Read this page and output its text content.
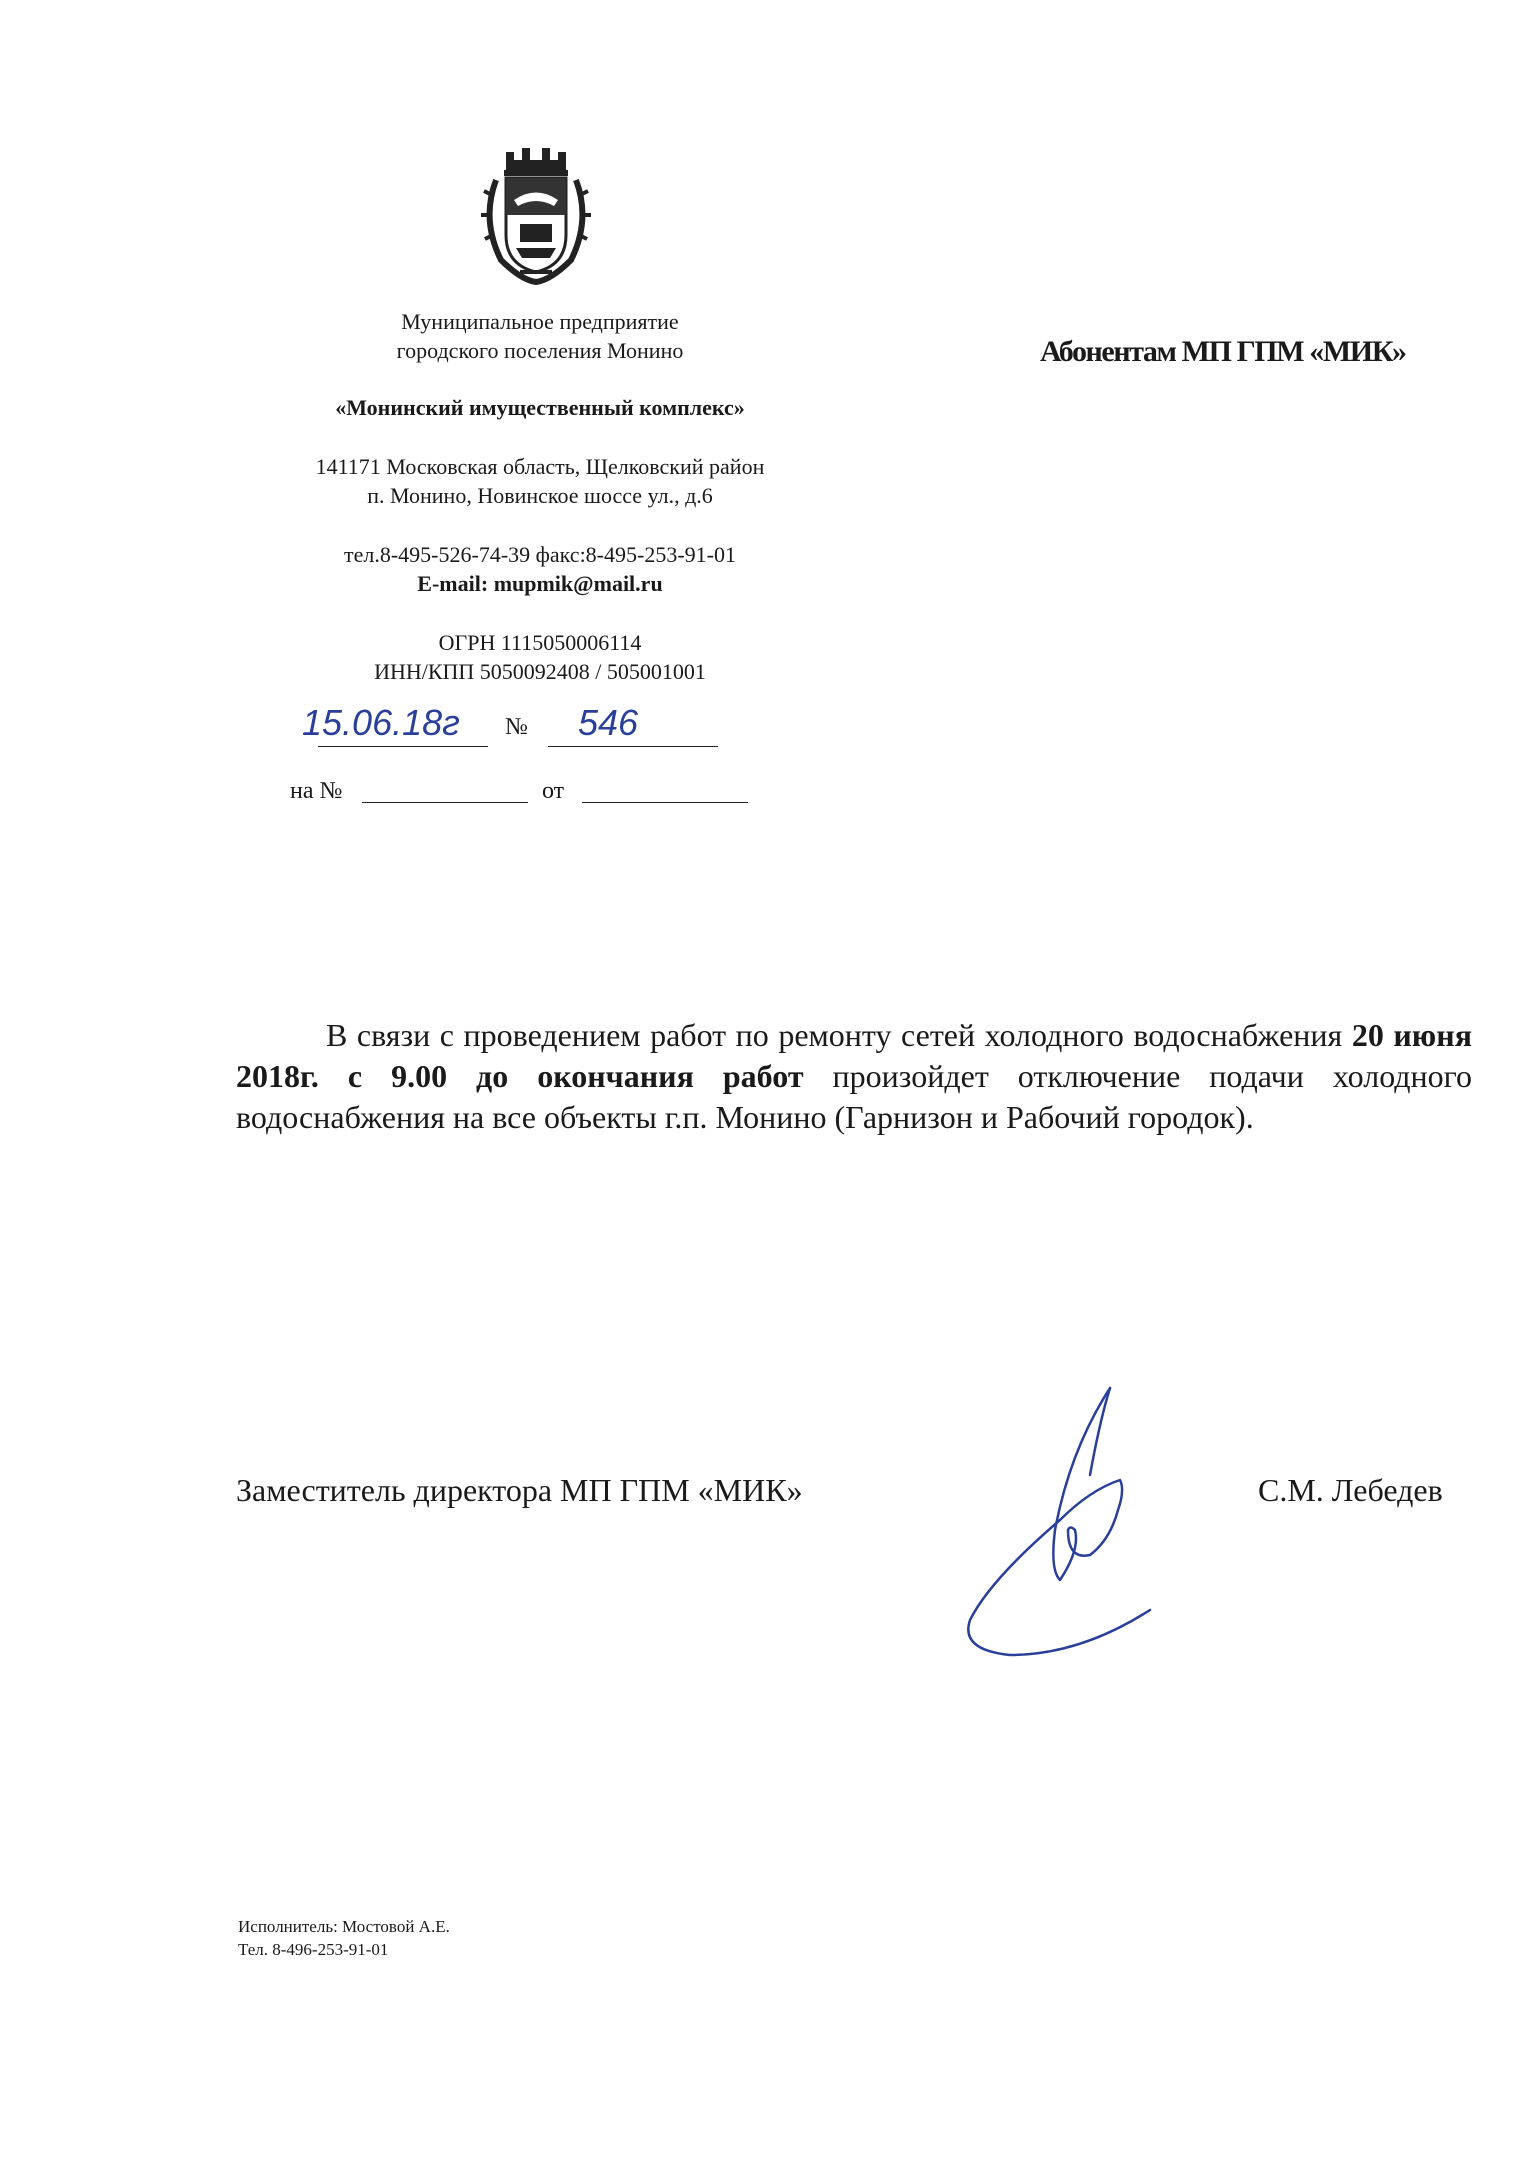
Муниципальное предприятие
городского поселения Монино
«Монинский имущественный комплекс»
141171 Московская область, Щелковский район
п. Монино, Новинское шоссе ул., д.6
тел.8-495-526-74-39 факс:8-495-253-91-01
E-mail: mupmik@mail.ru
ОГРН 1115050006114
ИНН/КПП 5050092408 / 505001001
15.06.18г № 546
на №	от
Абонентам МП ГПМ «МИК»

В связи с проведением работ по ремонту сетей холодного водоснабжения 20 июня 2018г. с 9.00 до окончания работ произойдет отключение подачи холодного водоснабжения на все объекты г.п. Монино (Гарнизон и Рабочий городок).

Заместитель директора МП ГПМ «МИК»	С.М. Лебедев
Исполнитель: Мостовой А.Е.
Тел. 8-496-253-91-01
